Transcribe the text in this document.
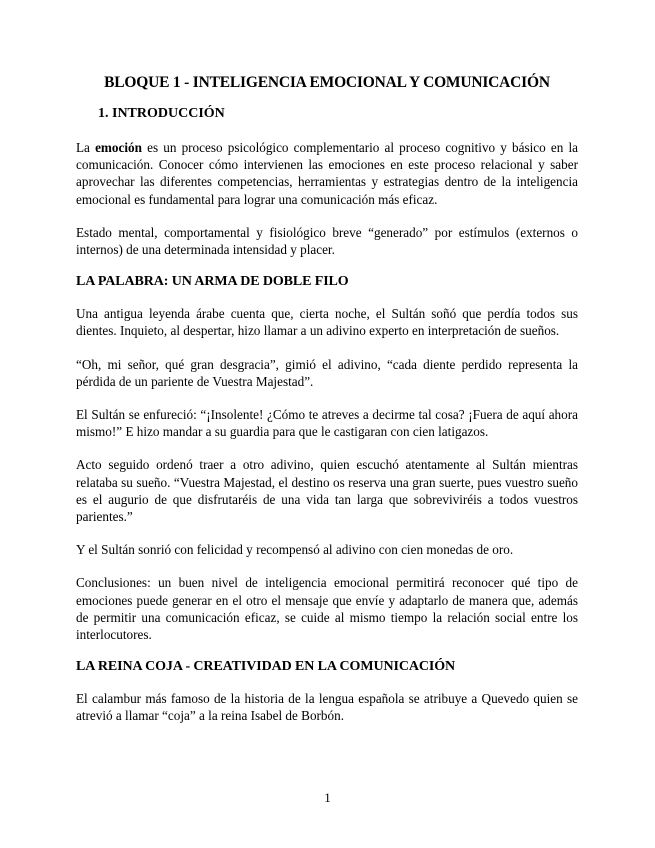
BLOQUE 1 - INTELIGENCIA EMOCIONAL Y COMUNICACIÓN
1. INTRODUCCIÓN

La emoción es un proceso psicológico complementario al proceso cognitivo y básico en la comunicación. Conocer cómo intervienen las emociones en este proceso relacional y saber aprovechar las diferentes competencias, herramientas y estrategias dentro de la inteligencia emocional es fundamental para lograr una comunicación más eficaz.

Estado mental, comportamental y fisiológico breve “generado” por estímulos (externos o internos) de una determinada intensidad y placer.

LA PALABRA: UN ARMA DE DOBLE FILO

Una antigua leyenda árabe cuenta que, cierta noche, el Sultán soñó que perdía todos sus dientes. Inquieto, al despertar, hizo llamar a un adivino experto en interpretación de sueños.

“Oh, mi señor, qué gran desgracia”, gimió el adivino, “cada diente perdido representa la pérdida de un pariente de Vuestra Majestad”.

El Sultán se enfureció: “¡Insolente! ¿Cómo te atreves a decirme tal cosa? ¡Fuera de aquí ahora mismo!” E hizo mandar a su guardia para que le castigaran con cien latigazos.

Acto seguido ordenó traer a otro adivino, quien escuchó atentamente al Sultán mientras relataba su sueño. “Vuestra Majestad, el destino os reserva una gran suerte, pues vuestro sueño es el augurio de que disfrutaréis de una vida tan larga que sobreviviréis a todos vuestros parientes.”

Y el Sultán sonrió con felicidad y recompensó al adivino con cien monedas de oro.

Conclusiones: un buen nivel de inteligencia emocional permitirá reconocer qué tipo de emociones puede generar en el otro el mensaje que envíe y adaptarlo de manera que, además de permitir una comunicación eficaz, se cuide al mismo tiempo la relación social entre los interlocutores.

LA REINA COJA - CREATIVIDAD EN LA COMUNICACIÓN

El calambur más famoso de la historia de la lengua española se atribuye a Quevedo quien se atrevió a llamar “coja” a la reina Isabel de Borbón.

1
